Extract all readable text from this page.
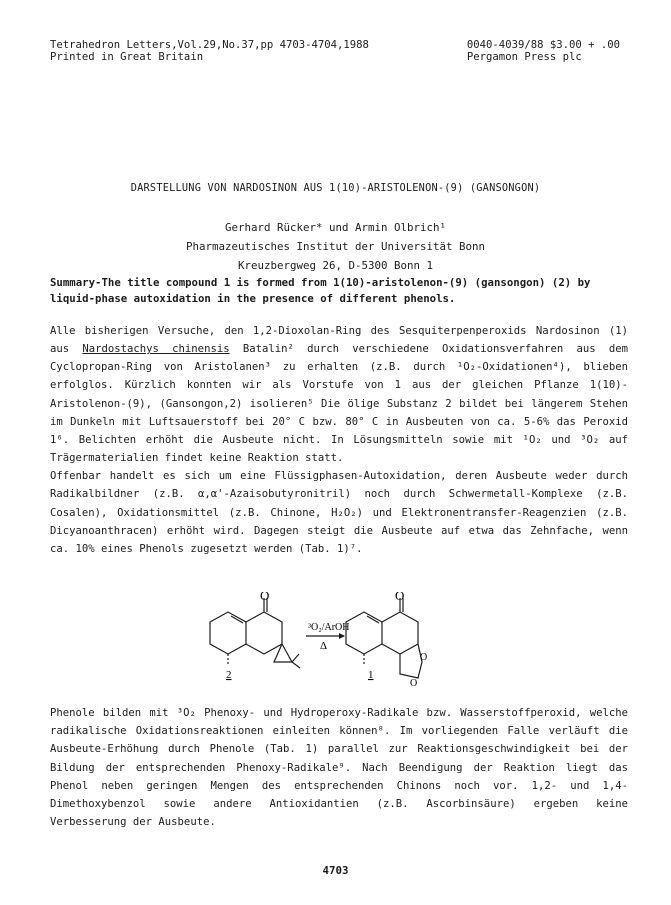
Tetrahedron Letters,Vol.29,No.37,pp 4703-4704,1988
Printed in Great Britain
0040-4039/88 $3.00 + .00
Pergamon Press plc
DARSTELLUNG VON NARDOSINON AUS 1(10)-ARISTOLENON-(9) (GANSONGON)
Gerhard Rücker* und Armin Olbrich¹
Pharmazeutisches Institut der Universität Bonn
Kreuzbergweg 26, D-5300 Bonn 1
Summary-The title compound 1 is formed from 1(10)-aristolenon-(9) (gansongon) (2) by liquid-phase autoxidation in the presence of different phenols.

Alle bisherigen Versuche, den 1,2-Dioxolan-Ring des Sesquiterpenperoxids Nardosinon (1) aus Nardostachys chinensis Batalin² durch verschiedene Oxidationsverfahren aus dem Cyclopropan-Ring von Aristolanen³ zu erhalten (z.B. durch ¹O₂-Oxidationen⁴), blieben erfolglos. Kürzlich konnten wir als Vorstufe von 1 aus der gleichen Pflanze 1(10)-Aristolenon-(9), (Gansongon,2) isolieren⁵ Die ölige Substanz 2 bildet bei längerem Stehen im Dunkeln mit Luftsauerstoff bei 20° C bzw. 80° C in Ausbeuten von ca. 5-6% das Peroxid 1⁶. Belichten erhöht die Ausbeute nicht. In Lösungsmitteln sowie mit ¹O₂ und ³O₂ auf Trägermaterialien findet keine Reaktion statt.

Offenbar handelt es sich um eine Flüssigphasen-Autoxidation, deren Ausbeute weder durch Radikalbildner (z.B. α,α'-Azaisobutyronitril) noch durch Schwermetall-Komplexe (z.B. Cosalen), Oxidationsmittel (z.B. Chinone, H₂O₂) und Elektronentransfer-Reagenzien (z.B. Dicyanoanthracen) erhöht wird. Dagegen steigt die Ausbeute auf etwa das Zehnfache, wenn ca. 10% eines Phenols zugesetzt werden (Tab. 1)⁷.

O
2
³O₂/ArOH
Δ
O
O
O
1

Phenole bilden mit ³O₂ Phenoxy- und Hydroperoxy-Radikale bzw. Wasserstoffperoxid, welche radikalische Oxidationsreaktionen einleiten können⁸. Im vorliegenden Falle verläuft die Ausbeute-Erhöhung durch Phenole (Tab. 1) parallel zur Reaktionsgeschwindigkeit bei der Bildung der entsprechenden Phenoxy-Radikale⁹. Nach Beendigung der Reaktion liegt das Phenol neben geringen Mengen des entsprechenden Chinons noch vor. 1,2- und 1,4-Dimethoxybenzol sowie andere Antioxidantien (z.B. Ascorbinsäure) ergeben keine Verbesserung der Ausbeute.

4703
